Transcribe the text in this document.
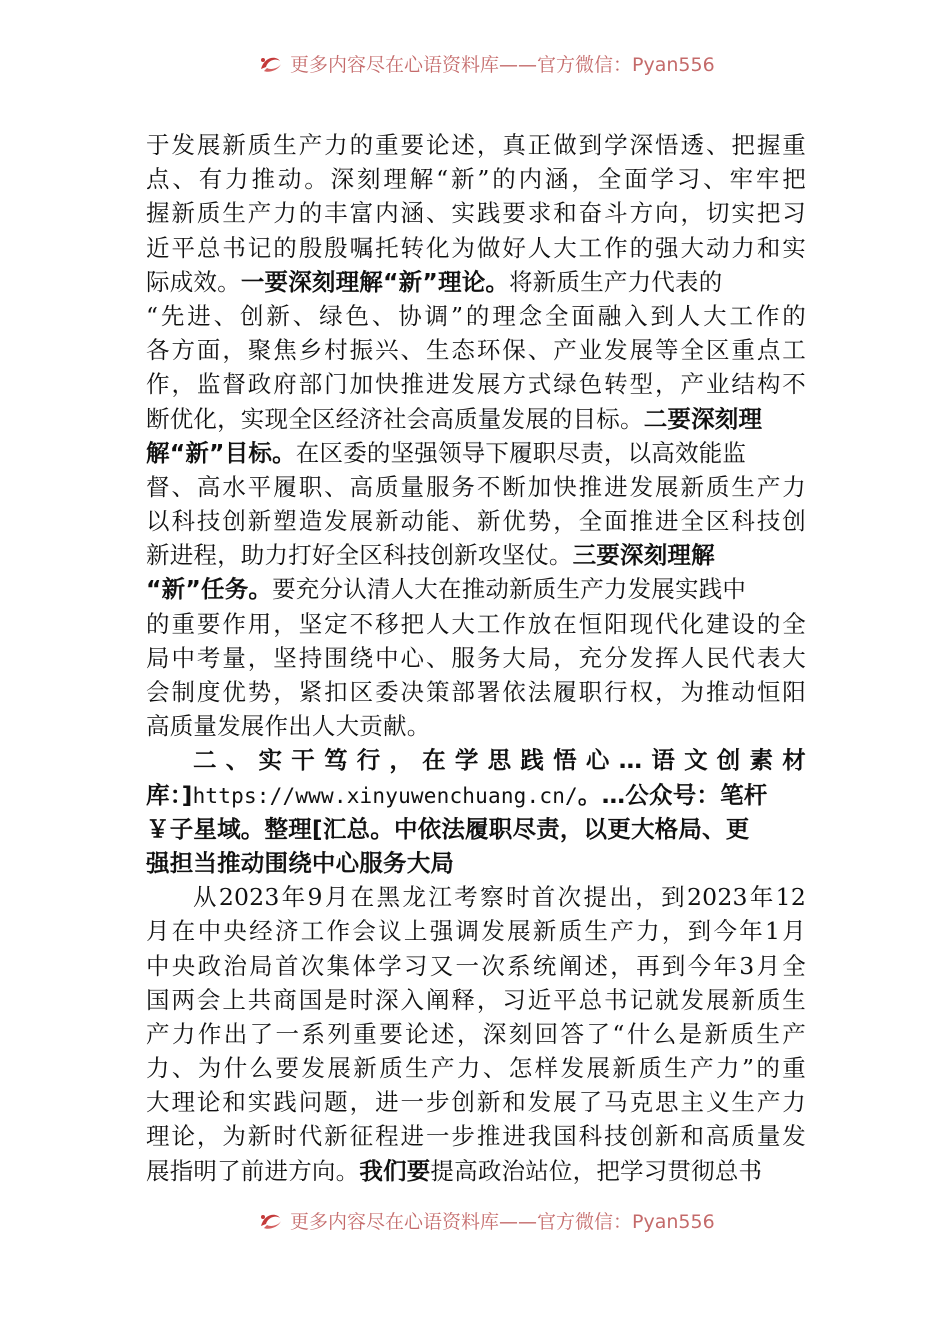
更多内容尽在心语资料库——官方微信：Pyan556
于发展新质生产力的重要论述，真正做到学深悟透、把握重
点、有力推动。深刻理解“新”的内涵，全面学习、牢牢把
握新质生产力的丰富内涵、实践要求和奋斗方向，切实把习
近平总书记的殷殷嘱托转化为做好人大工作的强大动力和实
际成效。一要深刻理解“新”理论。将新质生产力代表的
“先进、创新、绿色、协调”的理念全面融入到人大工作的
各方面，聚焦乡村振兴、生态环保、产业发展等全区重点工
作，监督政府部门加快推进发展方式绿色转型，产业结构不
断优化，实现全区经济社会高质量发展的目标。二要深刻理
解“新”目标。在区委的坚强领导下履职尽责，以高效能监
督、高水平履职、高质量服务不断加快推进发展新质生产力
以科技创新塑造发展新动能、新优势，全面推进全区科技创
新进程，助力打好全区科技创新攻坚仗。三要深刻理解
“新”任务。要充分认清人大在推动新质生产力发展实践中
的重要作用，坚定不移把人大工作放在恒阳现代化建设的全
局中考量，坚持围绕中心、服务大局，充分发挥人民代表大
会制度优势，紧扣区委决策部署依法履职行权，为推动恒阳
高质量发展作出人大贡献。
二、实干笃行，在学思践悟心…语文创素材
库：]https://www.xinyuwenchuang.cn/。…公众号：笔杆
￥子星域。整理[汇总。中依法履职尽责，以更大格局、更
强担当推动围绕中心服务大局
从2023年9月在黑龙江考察时首次提出，到2023年12
月在中央经济工作会议上强调发展新质生产力，到今年1月
中央政治局首次集体学习又一次系统阐述，再到今年3月全
国两会上共商国是时深入阐释，习近平总书记就发展新质生
产力作出了一系列重要论述，深刻回答了“什么是新质生产
力、为什么要发展新质生产力、怎样发展新质生产力”的重
大理论和实践问题，进一步创新和发展了马克思主义生产力
理论，为新时代新征程进一步推进我国科技创新和高质量发
展指明了前进方向。我们要提高政治站位，把学习贯彻总书
更多内容尽在心语资料库——官方微信：Pyan556
